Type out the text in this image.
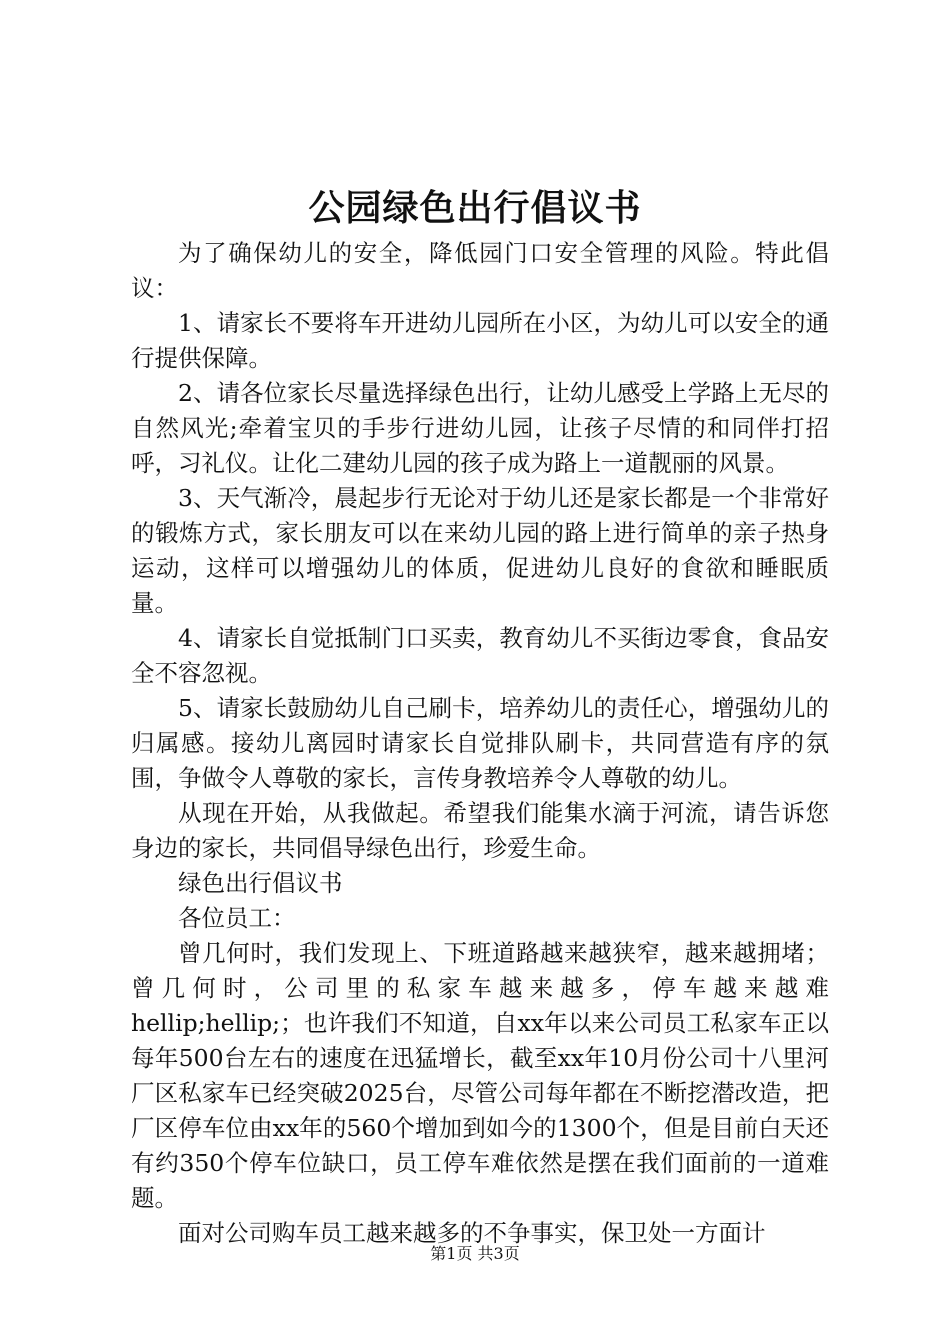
公园绿色出行倡议书

为了确保幼儿的安全，降低园门口安全管理的风险。特此倡议：

1、请家长不要将车开进幼儿园所在小区，为幼儿可以安全的通行提供保障。

2、请各位家长尽量选择绿色出行，让幼儿感受上学路上无尽的自然风光;牵着宝贝的手步行进幼儿园，让孩子尽情的和同伴打招呼，习礼仪。让化二建幼儿园的孩子成为路上一道靓丽的风景。

3、天气渐冷，晨起步行无论对于幼儿还是家长都是一个非常好的锻炼方式，家长朋友可以在来幼儿园的路上进行简单的亲子热身运动，这样可以增强幼儿的体质，促进幼儿良好的食欲和睡眠质量。

4、请家长自觉抵制门口买卖，教育幼儿不买街边零食，食品安全不容忽视。

5、请家长鼓励幼儿自己刷卡，培养幼儿的责任心，增强幼儿的归属感。接幼儿离园时请家长自觉排队刷卡，共同营造有序的氛围，争做令人尊敬的家长，言传身教培养令人尊敬的幼儿。

从现在开始，从我做起。希望我们能集水滴于河流，请告诉您身边的家长，共同倡导绿色出行，珍爱生命。

绿色出行倡议书

各位员工：

曾几何时，我们发现上、下班道路越来越狭窄，越来越拥堵；曾几何时，公司里的私家车越来越多，停车越来越难hellip;hellip;；也许我们不知道，自xx年以来公司员工私家车正以每年500台左右的速度在迅猛增长，截至xx年10月份公司十八里河厂区私家车已经突破2025台，尽管公司每年都在不断挖潜改造，把厂区停车位由xx年的560个增加到如今的1300个，但是目前白天还有约350个停车位缺口，员工停车难依然是摆在我们面前的一道难题。

面对公司购车员工越来越多的不争事实，保卫处一方面计

第1页 共3页
